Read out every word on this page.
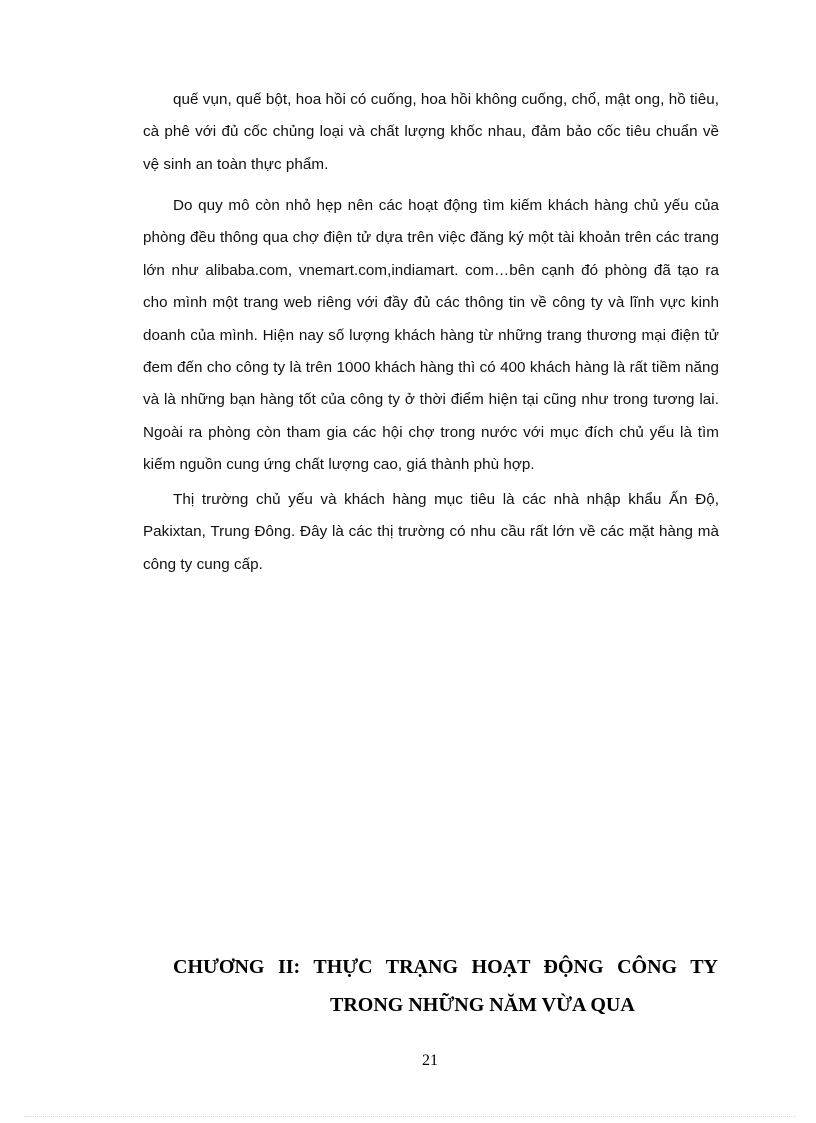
quế vụn, quế bột, hoa hồi có cuống, hoa hồi không cuống, chổ, mật ong, hồ tiêu, cà phê với đủ cốc chủng loại và chất lượng khốc nhau, đảm bảo cốc tiêu chuẩn về vệ sinh an toàn thực phẩm.

Do quy mô còn nhỏ hẹp nên các hoạt động tìm kiếm khách hàng chủ yếu của phòng đều thông qua chợ điện tử dựa trên việc đăng ký một tài khoản trên các trang lớn như alibaba.com, vnemart.com,indiamart. com…bên cạnh đó phòng đã tạo ra cho mình một trang web riêng với đầy đủ các thông tin về công ty và lĩnh vực kinh doanh của mình. Hiện nay số lượng khách hàng từ những trang thương mại điện tử đem đến cho công ty là trên 1000 khách hàng thì có 400 khách hàng là rất tiềm năng và là những bạn hàng tốt của công ty ở thời điểm hiện tại cũng như trong tương lai. Ngoài ra phòng còn tham gia các hội chợ trong nước với mục đích chủ yếu là tìm kiếm nguồn cung ứng chất lượng cao, giá thành phù hợp.

Thị trường chủ yếu và khách hàng mục tiêu là các nhà nhập khẩu Ấn Độ, Pakixtan, Trung Đông. Đây là các thị trường có nhu cầu rất lớn về các mặt hàng mà công ty cung cấp.

CHƯƠNG II: THỰC TRẠNG HOẠT ĐỘNG CÔNG TY

TRONG NHỮNG NĂM VỪA QUA

21
